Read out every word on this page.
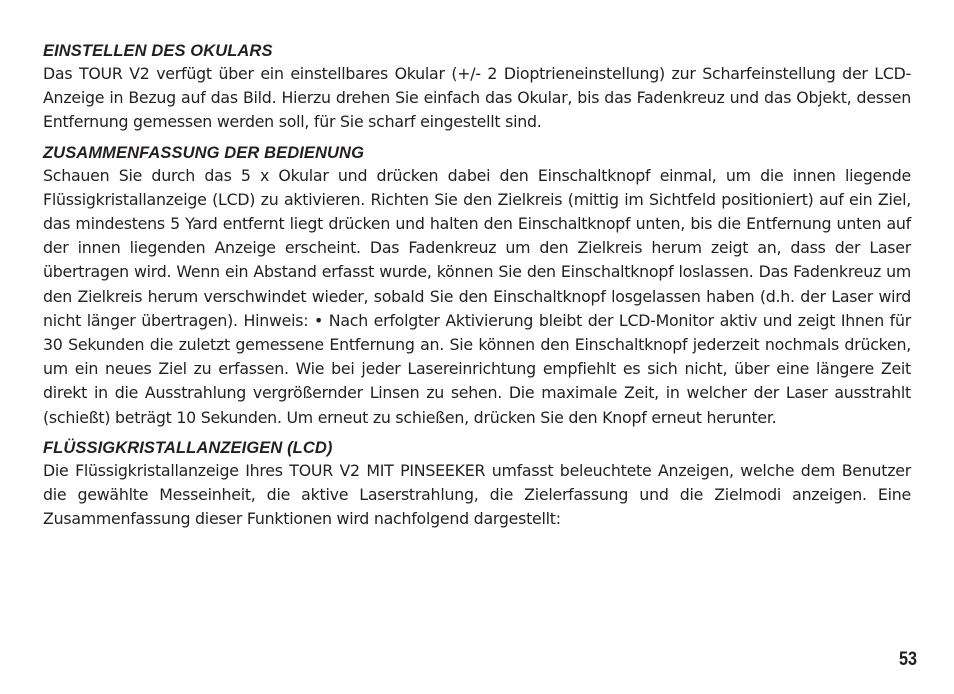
EINSTELLEN DES OKULARS

Das TOUR V2 verfügt über ein einstellbares Okular (+/- 2 Dioptrieneinstellung) zur Scharfeinstellung der LCD-Anzeige in Bezug auf das Bild. Hierzu drehen Sie einfach das Okular, bis das Fadenkreuz und das Objekt, dessen Entfernung gemessen werden soll, für Sie scharf eingestellt sind.

ZUSAMMENFASSUNG DER BEDIENUNG

Schauen Sie durch das 5 x Okular und drücken dabei den Einschaltknopf einmal, um die innen liegende Flüssigkristallanzeige (LCD) zu aktivieren. Richten Sie den Zielkreis (mittig im Sichtfeld positioniert) auf ein Ziel, das mindestens 5 Yard entfernt liegt drücken und halten den Einschaltknopf unten, bis die Entfernung unten auf der innen liegenden Anzeige erscheint. Das Fadenkreuz um den Zielkreis herum zeigt an, dass der Laser übertragen wird. Wenn ein Abstand erfasst wurde, können Sie den Einschaltknopf loslassen. Das Fadenkreuz um den Zielkreis herum verschwindet wieder, sobald Sie den Einschaltknopf losgelassen haben (d.h. der Laser wird nicht länger übertragen). Hinweis: • Nach erfolgter Aktivierung bleibt der LCD-Monitor aktiv und zeigt Ihnen für 30 Sekunden die zuletzt gemessene Entfernung an. Sie können den Einschaltknopf jederzeit nochmals drücken, um ein neues Ziel zu erfassen. Wie bei jeder Lasereinrichtung empfiehlt es sich nicht, über eine längere Zeit direkt in die Ausstrahlung vergrößernder Linsen zu sehen. Die maximale Zeit, in welcher der Laser ausstrahlt (schießt) beträgt 10 Sekunden. Um erneut zu schießen, drücken Sie den Knopf erneut herunter.

FLÜSSIGKRISTALLANZEIGEN (LCD)

Die Flüssigkristallanzeige Ihres TOUR V2 MIT PINSEEKER umfasst beleuchtete Anzeigen, welche dem Benutzer die gewählte Messeinheit, die aktive Laserstrahlung, die Zielerfassung und die Zielmodi anzeigen. Eine Zusammenfassung dieser Funktionen wird nachfolgend dargestellt:

53
